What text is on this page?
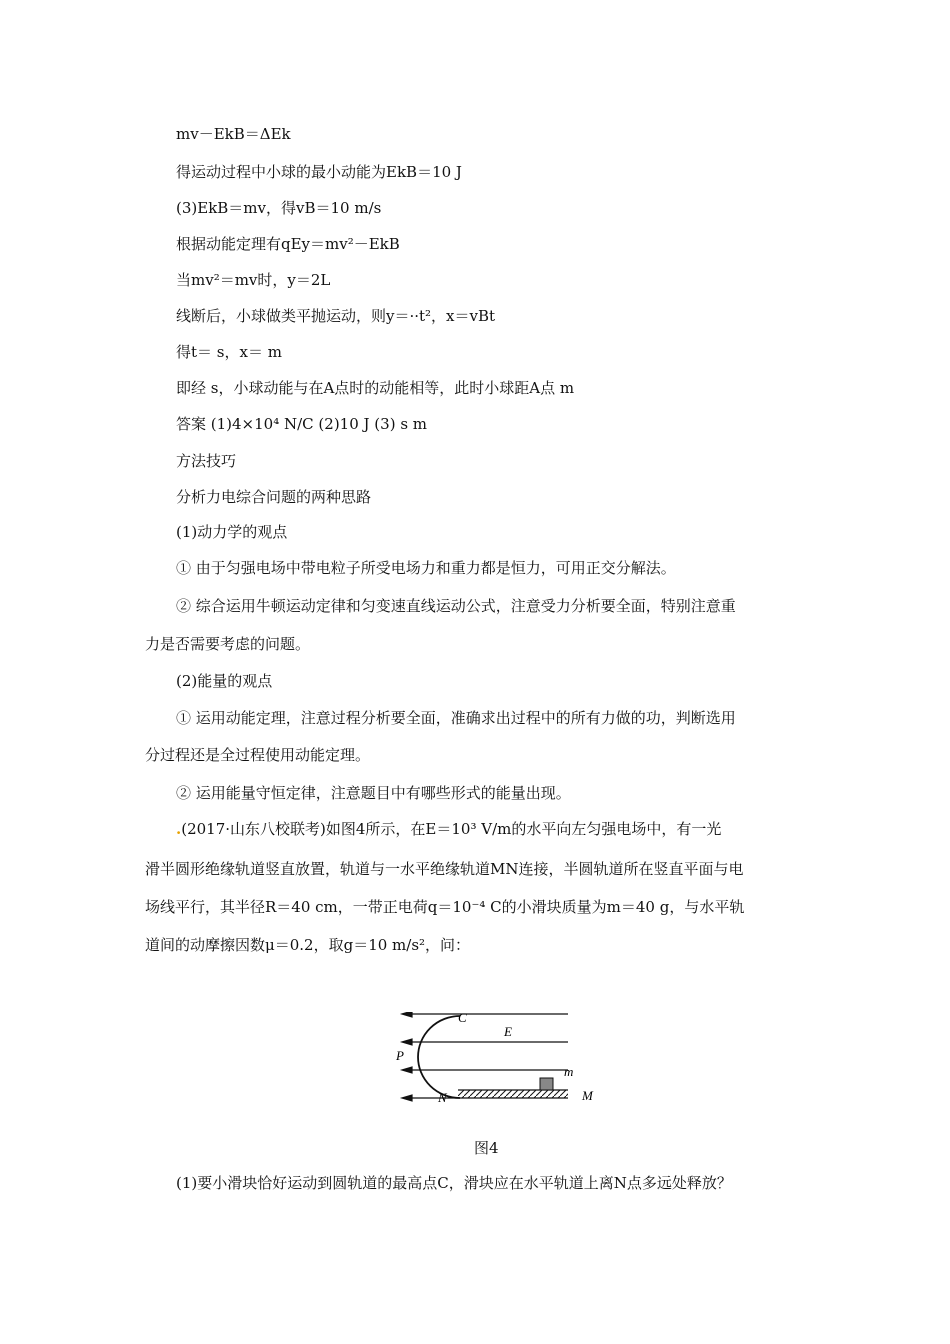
mv－EkB＝ΔEk
得运动过程中小球的最小动能为EkB＝10 J
(3)EkB＝mv，得vB＝10 m/s
根据动能定理有qEy＝mv²－EkB
当mv²＝mv时，y＝2L
线断后，小球做类平抛运动，则y＝··t²，x＝vBt
得t＝ s，x＝ m
即经 s，小球动能与在A点时的动能相等，此时小球距A点 m
答案 (1)4×10⁴ N/C (2)10 J (3) s m
方法技巧
分析力电综合问题的两种思路
(1)动力学的观点
① 由于匀强电场中带电粒子所受电场力和重力都是恒力，可用正交分解法。
② 综合运用牛顿运动定律和匀变速直线运动公式，注意受力分析要全面，特别注意重
力是否需要考虑的问题。
(2)能量的观点
① 运用动能定理，注意过程分析要全面，准确求出过程中的所有力做的功，判断选用
分过程还是全过程使用动能定理。
② 运用能量守恒定律，注意题目中有哪些形式的能量出现。
.(2017·山东八校联考)如图4所示，在E＝10³ V/m的水平向左匀强电场中，有一光
滑半圆形绝缘轨道竖直放置，轨道与一水平绝缘轨道MN连接，半圆轨道所在竖直平面与电
场线平行，其半径R＝40 cm，一带正电荷q＝10⁻⁴ C的小滑块质量为m＝40 g，与水平轨
道间的动摩擦因数μ＝0.2，取g＝10 m/s²，问：
C
E
P
m
N	M
图4
(1)要小滑块恰好运动到圆轨道的最高点C，滑块应在水平轨道上离N点多远处释放？
